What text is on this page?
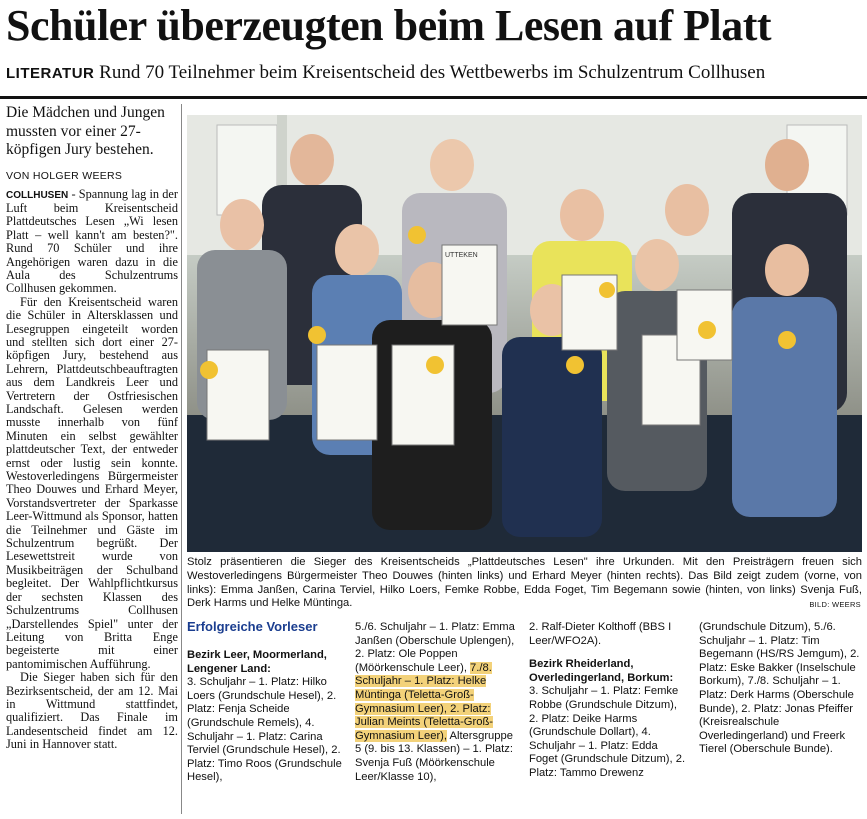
Schüler überzeugten beim Lesen auf Platt
LITERATUR Rund 70 Teilnehmer beim Kreisentscheid des Wettbewerbs im Schulzentrum Collhusen

Die Mädchen und Jungen mussten vor einer 27-köpfigen Jury bestehen.

VON HOLGER WEERS

COLLHUSEN - Spannung lag in der Luft beim Kreisentscheid Plattdeutsches Lesen „Wi lesen Platt – well kann't am besten?". Rund 70 Schüler und ihre Angehörigen waren dazu in die Aula des Schulzentrums Collhusen gekommen.

Für den Kreisentscheid waren die Schüler in Altersklassen und Lesegruppen eingeteilt worden und stellten sich dort einer 27-köpfigen Jury, bestehend aus Lehrern, Plattdeutschbeauftragten aus dem Landkreis Leer und Vertretern der Ostfriesischen Landschaft. Gelesen werden musste innerhalb von fünf Minuten ein selbst gewählter plattdeutscher Text, der entweder ernst oder lustig sein konnte. Westoverledingens Bürgermeister Theo Douwes und Erhard Meyer, Vorstandsvertreter der Sparkasse Leer-Wittmund als Sponsor, hatten die Teilnehmer und Gäste im Schulzentrum begrüßt. Der Lesewettstreit wurde von Musikbeiträgen der Schulband begleitet. Der Wahlpflichtkursus der sechsten Klassen des Schulzentrums Collhusen „Darstellendes Spiel" unter der Leitung von Britta Enge begeisterte mit einer pantomimischen Aufführung.

Die Sieger haben sich für den Bezirksentscheid, der am 12. Mai in Wittmund stattfindet, qualifiziert. Das Finale im Landesentscheid findet am 12. Juni in Hannover statt.

UTTEKEN
Stolz präsentieren die Sieger des Kreisentscheids „Plattdeutsches Lesen" ihre Urkunden. Mit den Preisträgern freuen sich Westoverledingens Bürgermeister Theo Douwes (hinten links) und Erhard Meyer (hinten rechts). Das Bild zeigt zudem (vorne, von links): Emma Janßen, Carina Terviel, Hilko Loers, Femke Robbe, Edda Foget, Tim Begemann sowie (hinten, von links) Svenja Fuß, Derk Harms und Helke Müntinga.	BILD: WEERS
Erfolgreiche Vorleser

Bezirk Leer, Moormerland, Lengener Land:

3. Schuljahr – 1. Platz: Hilko Loers (Grundschule Hesel), 2. Platz: Fenja Scheide (Grundschule Remels), 4. Schuljahr – 1. Platz: Carina Terviel (Grundschule Hesel), 2. Platz: Timo Roos (Grundschule Hesel),

5./6. Schuljahr – 1. Platz: Emma Janßen (Oberschule Uplengen), 2. Platz: Ole Poppen (Möörkenschule Leer), 7./8. Schuljahr – 1. Platz: Helke Müntinga (Teletta-Groß-Gymnasium Leer), 2. Platz: Julian Meints (Teletta-Groß-Gymnasium Leer), Altersgruppe 5 (9. bis 13. Klassen) – 1. Platz: Svenja Fuß (Möörkenschule Leer/Klasse 10),

2. Ralf-Dieter Kolthoff (BBS I Leer/WFO2A).

Bezirk Rheiderland, Overledingerland, Borkum:

3. Schuljahr – 1. Platz: Femke Robbe (Grundschule Ditzum), 2. Platz: Deike Harms (Grundschule Dollart), 4. Schuljahr – 1. Platz: Edda Foget (Grundschule Ditzum), 2. Platz: Tammo Drewenz

(Grundschule Ditzum), 5./6. Schuljahr – 1. Platz: Tim Begemann (HS/RS Jemgum), 2. Platz: Eske Bakker (Inselschule Borkum), 7./8. Schuljahr – 1. Platz: Derk Harms (Oberschule Bunde), 2. Platz: Jonas Pfeiffer (Kreisrealschule Overledingerland) und Freerk Tierel (Oberschule Bunde).
